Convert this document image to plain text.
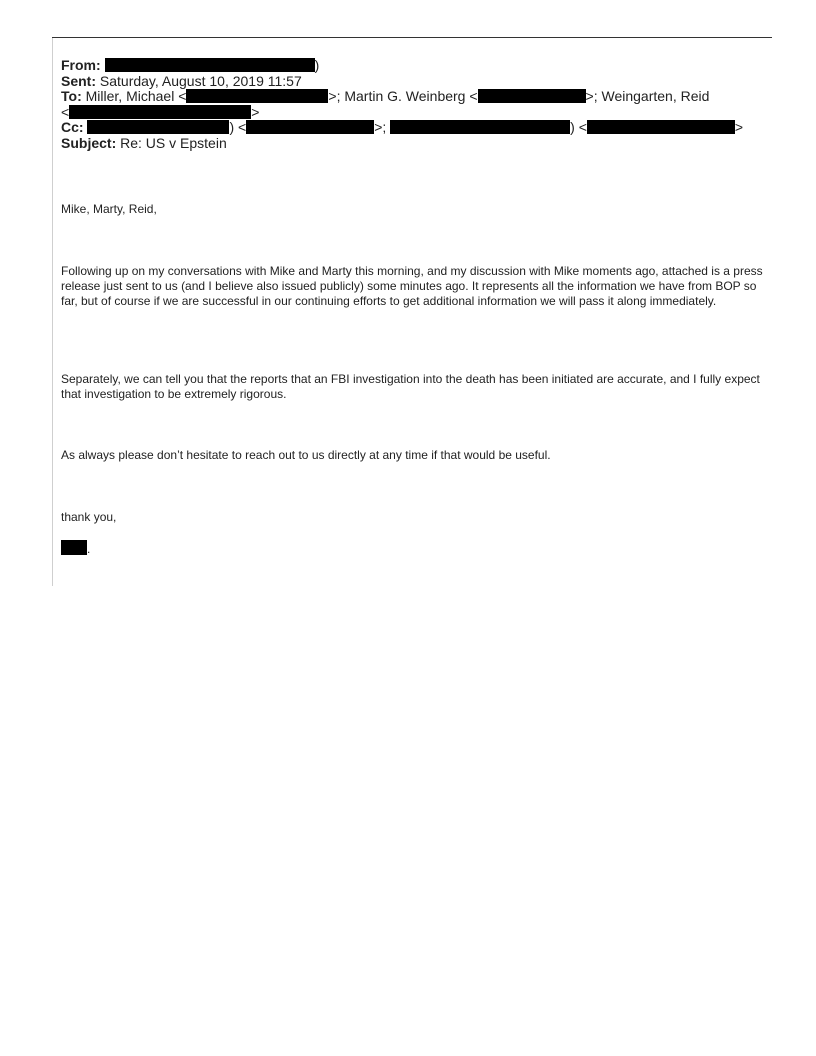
From:	)
Sent: Saturday, August 10, 2019 11:57
To: Miller, Michael <	>; Martin G. Weinberg <	>; Weingarten, Reid
<	>
Cc:	) <	>;	) <	>
Subject: Re: US v Epstein

Mike, Marty, Reid,

Following up on my conversations with Mike and Marty this morning, and my discussion with Mike moments ago, attached is a press release just sent to us (and I believe also issued publicly) some minutes ago. It represents all the information we have from BOP so far, but of course if we are successful in our continuing efforts to get additional information we will pass it along immediately.

Separately, we can tell you that the reports that an FBI investigation into the death has been initiated are accurate, and I fully expect that investigation to be extremely rigorous.

As always please don’t hesitate to reach out to us directly at any time if that would be useful.

thank you,

.
